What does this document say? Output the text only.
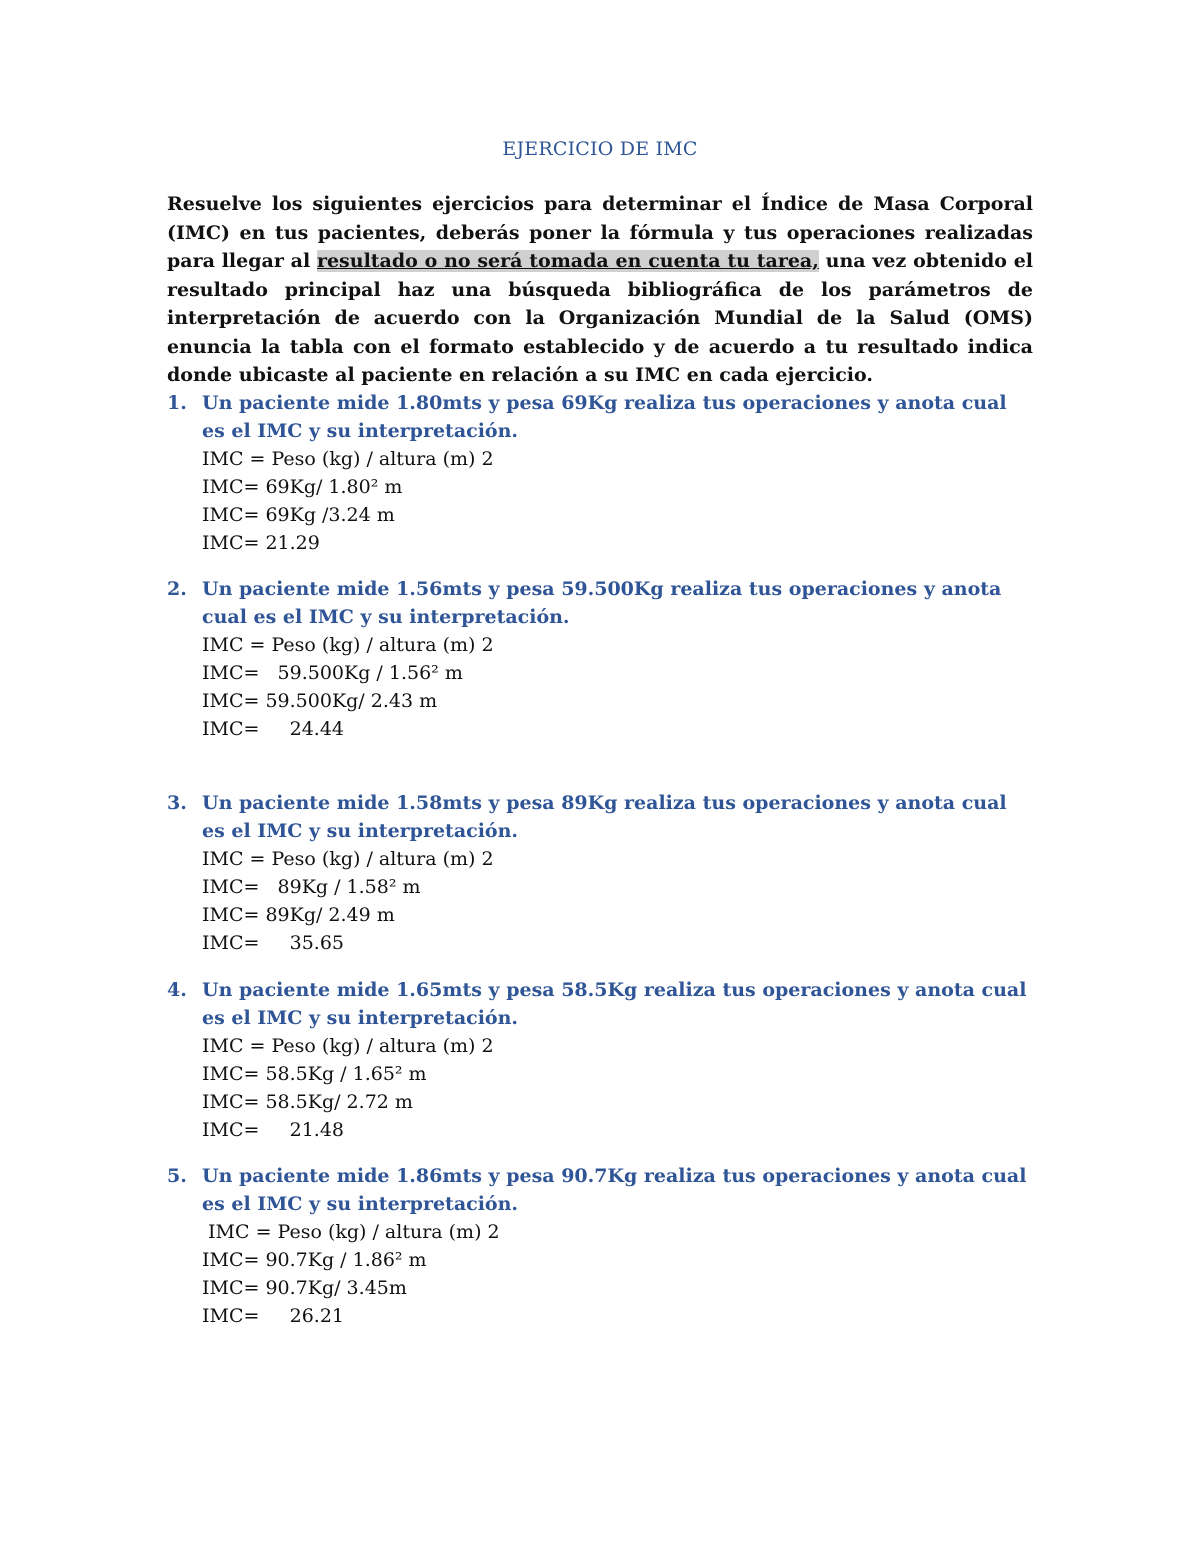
EJERCICIO DE IMC
Resuelve los siguientes ejercicios para determinar el Índice de Masa Corporal (IMC) en tus pacientes, deberás poner la fórmula y tus operaciones realizadas para llegar al resultado o no será tomada en cuenta tu tarea, una vez obtenido el resultado principal haz una búsqueda bibliográfica de los parámetros de interpretación de acuerdo con la Organización Mundial de la Salud (OMS) enuncia la tabla con el formato establecido y de acuerdo a tu resultado indica donde ubicaste al paciente en relación a su IMC en cada ejercicio.
1. Un paciente mide 1.80mts y pesa 69Kg realiza tus operaciones y anota cual es el IMC y su interpretación.
IMC = Peso (kg) / altura (m) 2
IMC= 69Kg/ 1.80² m
IMC= 69Kg /3.24 m
IMC= 21.29
2. Un paciente mide 1.56mts y pesa 59.500Kg realiza tus operaciones y anota cual es el IMC y su interpretación.
IMC = Peso (kg) / altura (m) 2
IMC=   59.500Kg / 1.56² m
IMC= 59.500Kg/ 2.43 m
IMC=     24.44
3. Un paciente mide 1.58mts y pesa 89Kg realiza tus operaciones y anota cual es el IMC y su interpretación.
IMC = Peso (kg) / altura (m) 2
IMC=   89Kg / 1.58² m
IMC= 89Kg/ 2.49 m
IMC=     35.65
4. Un paciente mide 1.65mts y pesa 58.5Kg realiza tus operaciones y anota cual es el IMC y su interpretación.
IMC = Peso (kg) / altura (m) 2
IMC= 58.5Kg / 1.65² m
IMC= 58.5Kg/ 2.72 m
IMC=     21.48
5. Un paciente mide 1.86mts y pesa 90.7Kg realiza tus operaciones y anota cual es el IMC y su interpretación.
IMC = Peso (kg) / altura (m) 2
IMC= 90.7Kg / 1.86² m
IMC= 90.7Kg/ 3.45m
IMC=     26.21
